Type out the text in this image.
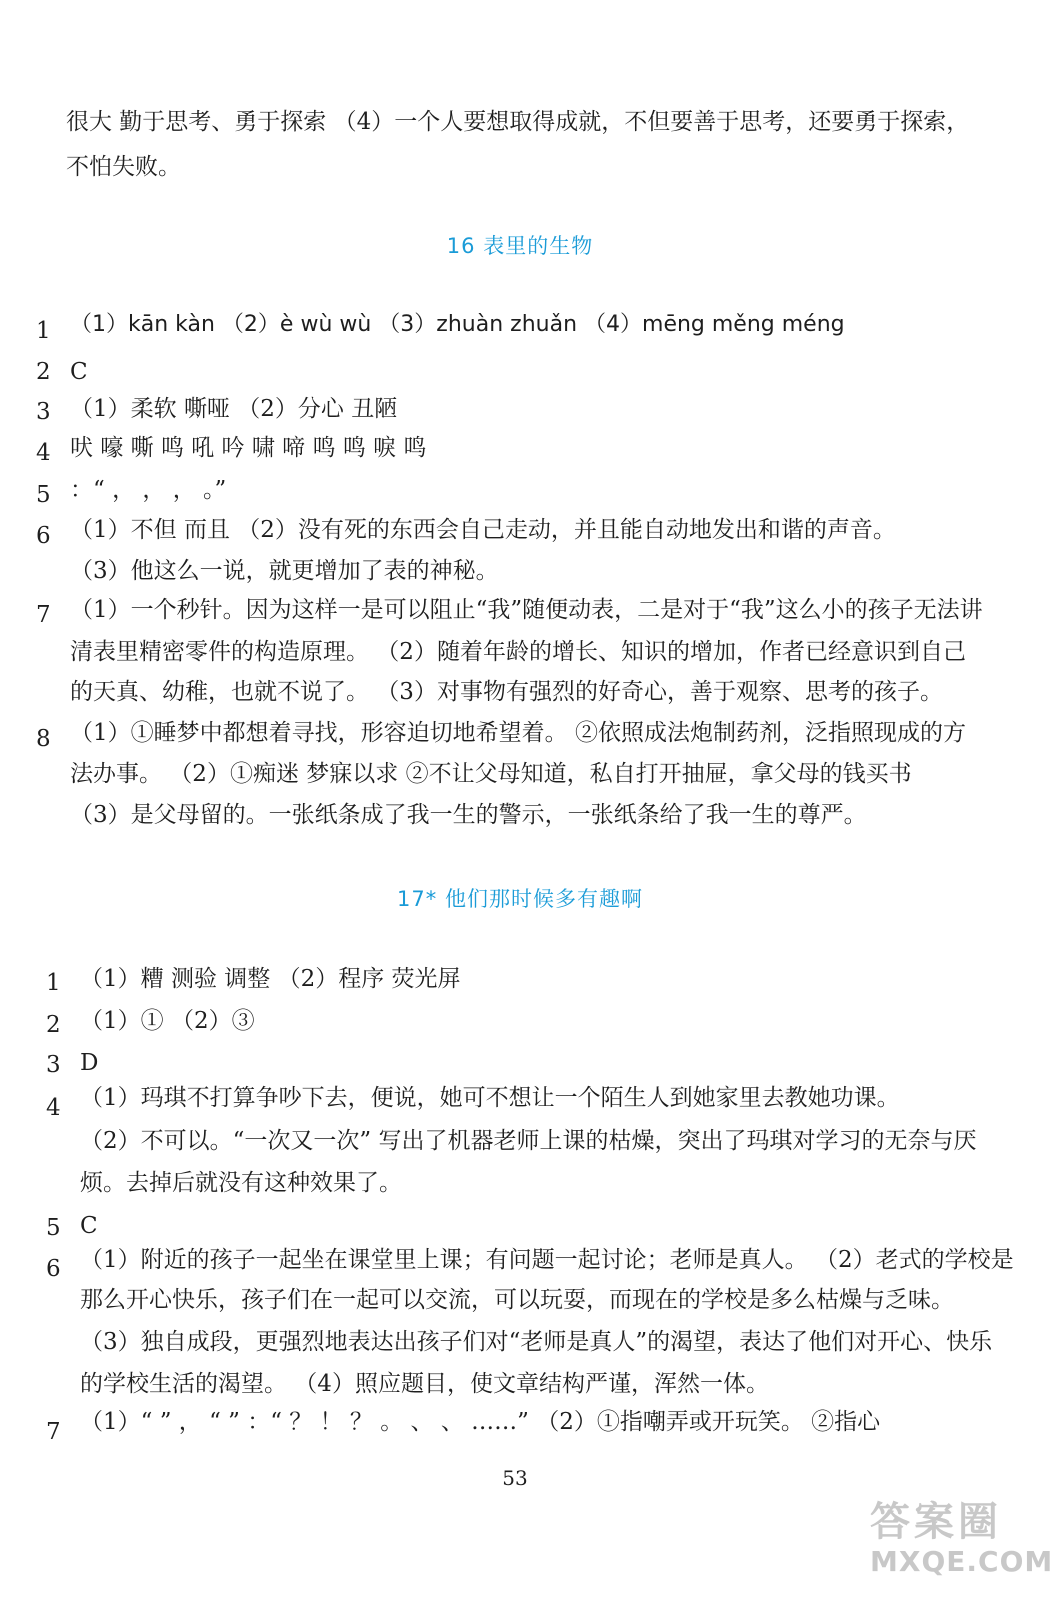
很大 勤于思考、勇于探索 （4）一个人要想取得成就，不但要善于思考，还要勇于探索，
不怕失败。
16 表里的生物
1 （1）kān kàn （2）è wù wù （3）zhuàn zhuǎn （4）mēng měng méng
2 C
3 （1）柔软 嘶哑 （2）分心 丑陋
4 吠 嚎 嘶 鸣 吼 吟 啸 啼 鸣 鸣 唳 鸣
5 ：“ ， ， ， 。”
6 （1）不但 而且 （2）没有死的东西会自己走动，并且能自动地发出和谐的声音。
（3）他这么一说，就更增加了表的神秘。
7 （1）一个秒针。因为这样一是可以阻止“我”随便动表，二是对于“我”这么小的孩子无法讲
清表里精密零件的构造原理。 （2）随着年龄的增长、知识的增加，作者已经意识到自己
的天真、幼稚，也就不说了。 （3）对事物有强烈的好奇心，善于观察、思考的孩子。
8 （1）①睡梦中都想着寻找，形容迫切地希望着。 ②依照成法炮制药剂，泛指照现成的方
法办事。 （2）①痴迷 梦寐以求 ②不让父母知道，私自打开抽屉，拿父母的钱买书
（3）是父母留的。一张纸条成了我一生的警示，一张纸条给了我一生的尊严。
17* 他们那时候多有趣啊
1 （1）糟 测验 调整 （2）程序 荧光屏
2 （1）① （2）③
3 D
4 （1）玛琪不打算争吵下去，便说，她可不想让一个陌生人到她家里去教她功课。
（2）不可以。“一次又一次” 写出了机器老师上课的枯燥，突出了玛琪对学习的无奈与厌
烦。去掉后就没有这种效果了。
5 C
6 （1）附近的孩子一起坐在课堂里上课；有问题一起讨论；老师是真人。 （2）老式的学校是
那么开心快乐，孩子们在一起可以交流，可以玩耍，而现在的学校是多么枯燥与乏味。
（3）独自成段，更强烈地表达出孩子们对“老师是真人”的渴望，表达了他们对开心、快乐
的学校生活的渴望。 （4）照应题目，使文章结构严谨，浑然一体。
7 （1）“ ” ， “ ” ：“ ？ ！ ？ 。 、 、 ……” （2）①指嘲弄或开玩笑。 ②指心
53
答案圈
MXQE.COM
